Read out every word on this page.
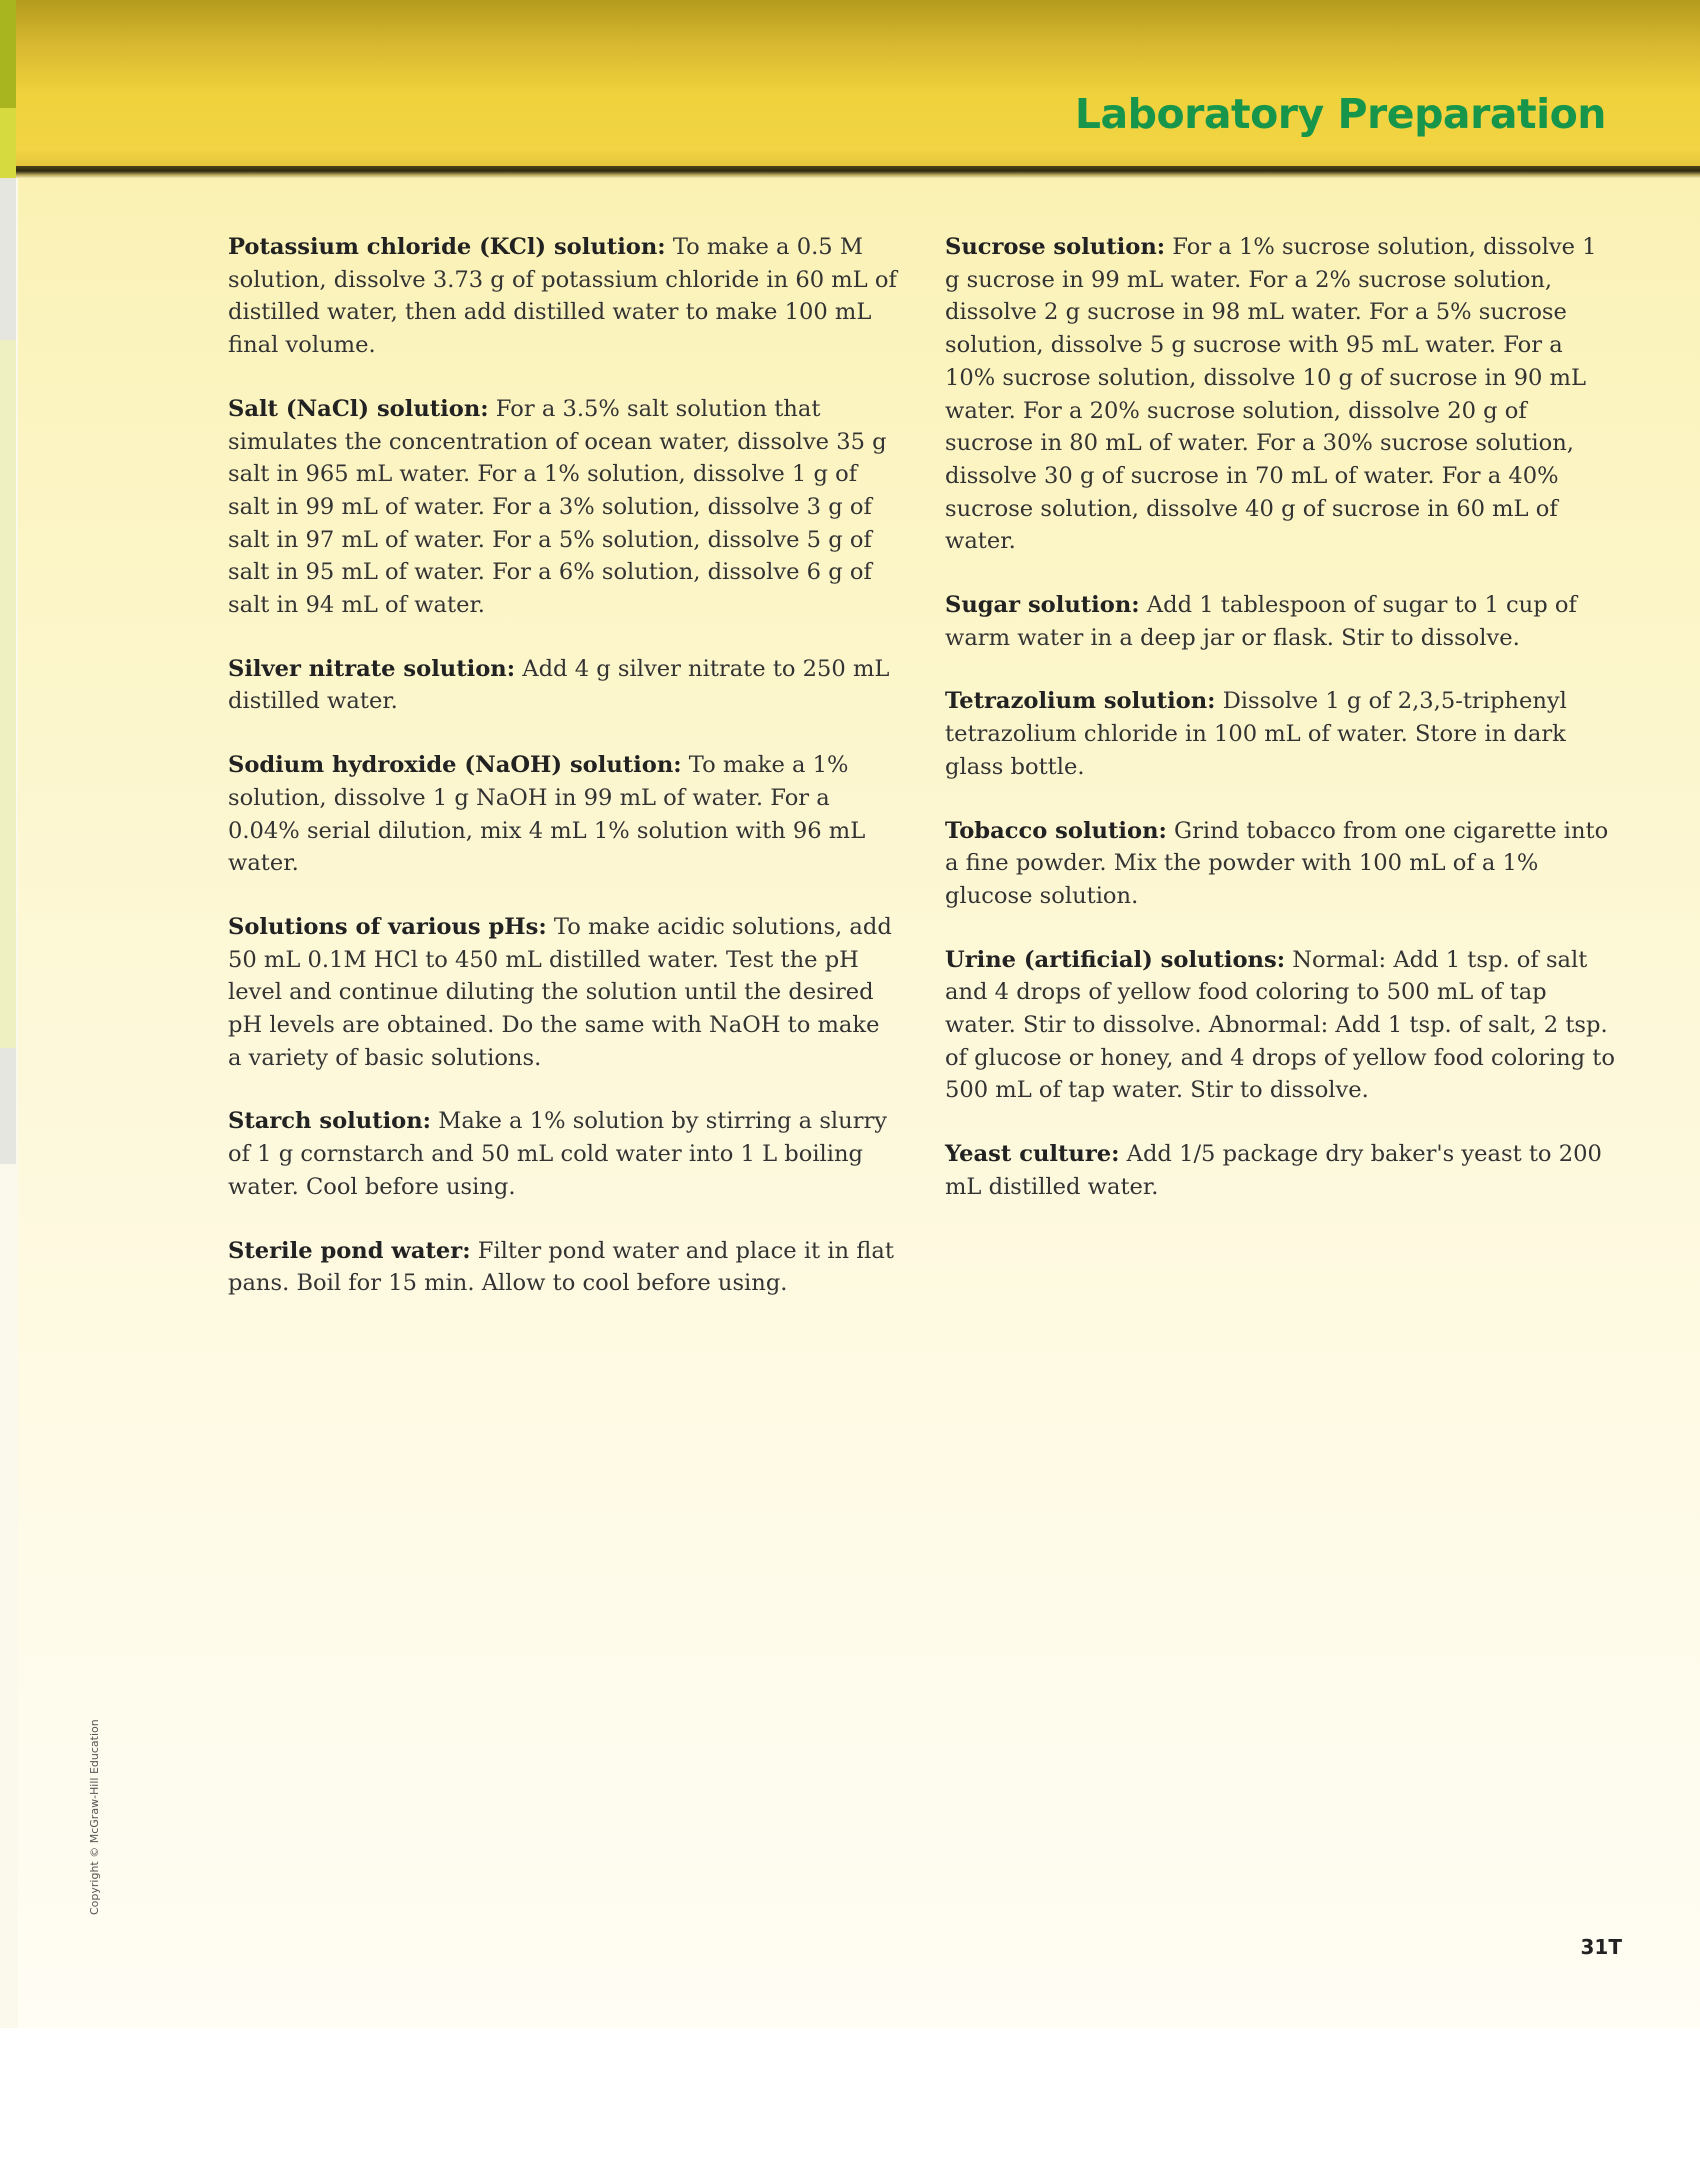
Laboratory Preparation

Potassium chloride (KCl) solution: To make a 0.5 M solution, dissolve 3.73 g of potassium chloride in 60 mL of distilled water, then add distilled water to make 100 mL final volume.

Salt (NaCl) solution: For a 3.5% salt solution that simulates the concentration of ocean water, dissolve 35 g salt in 965 mL water. For a 1% solution, dissolve 1 g of salt in 99 mL of water. For a 3% solution, dissolve 3 g of salt in 97 mL of water. For a 5% solution, dissolve 5 g of salt in 95 mL of water. For a 6% solution, dissolve 6 g of salt in 94 mL of water.

Silver nitrate solution: Add 4 g silver nitrate to 250 mL distilled water.

Sodium hydroxide (NaOH) solution: To make a 1% solution, dissolve 1 g NaOH in 99 mL of water. For a 0.04% serial dilution, mix 4 mL 1% solution with 96 mL water.

Solutions of various pHs: To make acidic solutions, add 50 mL 0.1M HCl to 450 mL distilled water. Test the pH level and continue diluting the solution until the desired pH levels are obtained. Do the same with NaOH to make a variety of basic solutions.

Starch solution: Make a 1% solution by stirring a slurry of 1 g cornstarch and 50 mL cold water into 1 L boiling water. Cool before using.

Sterile pond water: Filter pond water and place it in flat pans. Boil for 15 min. Allow to cool before using.

Sucrose solution: For a 1% sucrose solution, dissolve 1 g sucrose in 99 mL water. For a 2% sucrose solution, dissolve 2 g sucrose in 98 mL water. For a 5% sucrose solution, dissolve 5 g sucrose with 95 mL water. For a 10% sucrose solution, dissolve 10 g of sucrose in 90 mL water. For a 20% sucrose solution, dissolve 20 g of sucrose in 80 mL of water. For a 30% sucrose solution, dissolve 30 g of sucrose in 70 mL of water. For a 40% sucrose solution, dissolve 40 g of sucrose in 60 mL of water.

Sugar solution: Add 1 tablespoon of sugar to 1 cup of warm water in a deep jar or flask. Stir to dissolve.

Tetrazolium solution: Dissolve 1 g of 2,3,5-triphenyl tetrazolium chloride in 100 mL of water. Store in dark glass bottle.

Tobacco solution: Grind tobacco from one cigarette into a fine powder. Mix the powder with 100 mL of a 1% glucose solution.

Urine (artificial) solutions: Normal: Add 1 tsp. of salt and 4 drops of yellow food coloring to 500 mL of tap water. Stir to dissolve. Abnormal: Add 1 tsp. of salt, 2 tsp. of glucose or honey, and 4 drops of yellow food coloring to 500 mL of tap water. Stir to dissolve.

Yeast culture: Add 1/5 package dry baker's yeast to 200 mL distilled water.

Copyright © McGraw-Hill Education
31T
